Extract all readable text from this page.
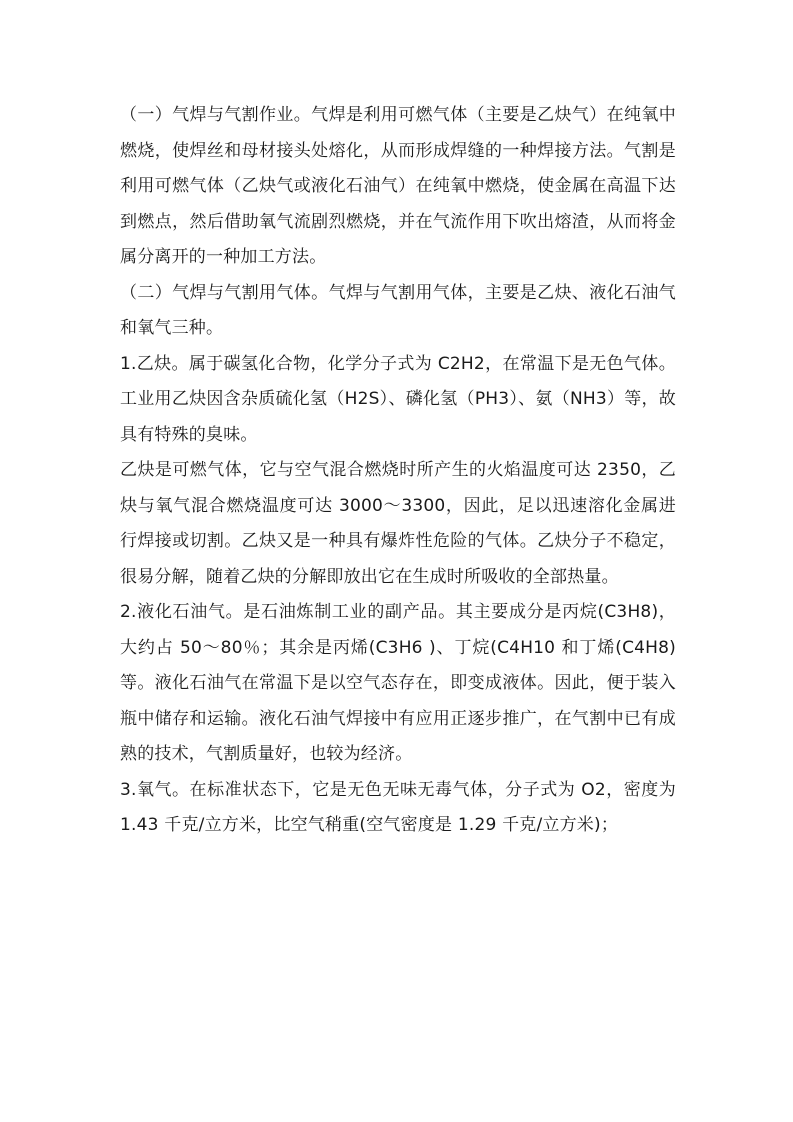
（一）气焊与气割作业。气焊是利用可燃气体（主要是乙炔气）在纯氧中燃烧，使焊丝和母材接头处熔化，从而形成焊缝的一种焊接方法。气割是利用可燃气体（乙炔气或液化石油气）在纯氧中燃烧，使金属在高温下达到燃点，然后借助氧气流剧烈燃烧，并在气流作用下吹出熔渣，从而将金属分离开的一种加工方法。

（二）气焊与气割用气体。气焊与气割用气体，主要是乙炔、液化石油气和氧气三种。

1.乙炔。属于碳氢化合物，化学分子式为 C2H2，在常温下是无色气体。工业用乙炔因含杂质硫化氢（H2S）、磷化氢（PH3）、氨（NH3）等，故具有特殊的臭味。

乙炔是可燃气体，它与空气混合燃烧时所产生的火焰温度可达 2350，乙炔与氧气混合燃烧温度可达 3000～3300，因此，足以迅速溶化金属进行焊接或切割。乙炔又是一种具有爆炸性危险的气体。乙炔分子不稳定，很易分解，随着乙炔的分解即放出它在生成时所吸收的全部热量。

2.液化石油气。是石油炼制工业的副产品。其主要成分是丙烷(C3H8)，大约占 50～80％；其余是丙烯(C3H6 )、丁烷(C4H10 和丁烯(C4H8)等。液化石油气在常温下是以空气态存在，即变成液体。因此，便于装入瓶中储存和运输。液化石油气焊接中有应用正逐步推广，在气割中已有成熟的技术，气割质量好，也较为经济。

3.氧气。在标准状态下，它是无色无味无毒气体，分子式为 O2，密度为 1.43 千克/立方米，比空气稍重(空气密度是 1.29 千克/立方米)；
